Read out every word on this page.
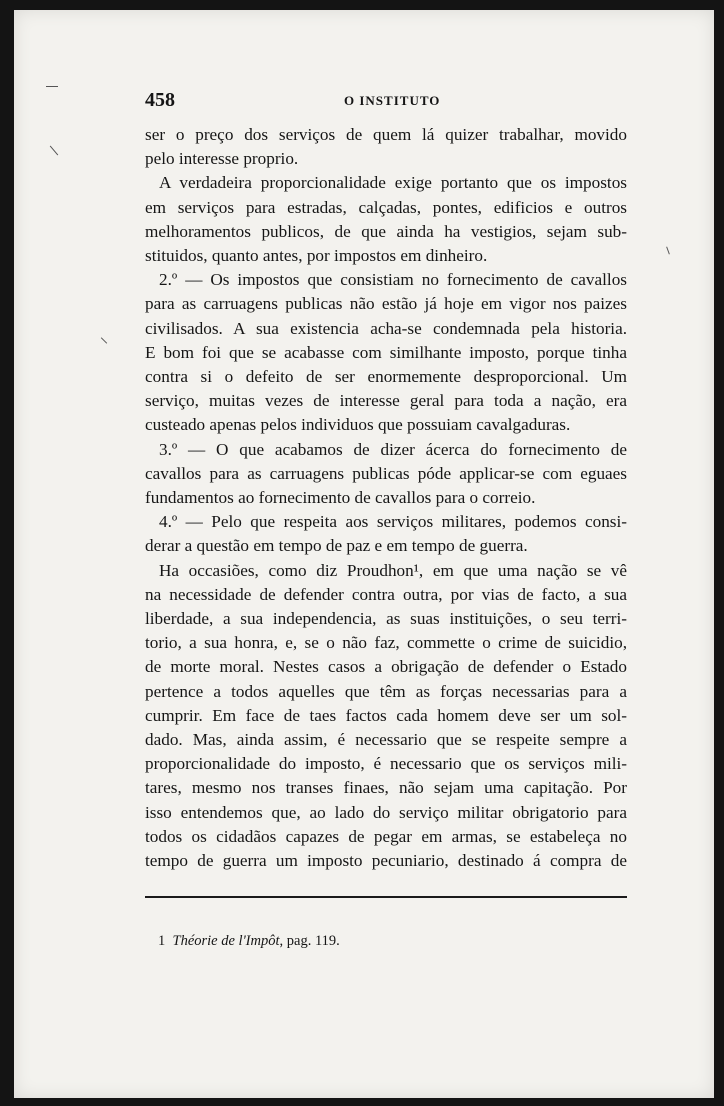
458	O INSTITUTO

ser o preço dos serviços de quem lá quizer trabalhar, movido

pelo interesse proprio.

A verdadeira proporcionalidade exige portanto que os impostos

em serviços para estradas, calçadas, pontes, edificios e outros

melhoramentos publicos, de que ainda ha vestigios, sejam sub-

stituidos, quanto antes, por impostos em dinheiro.

2.º — Os impostos que consistiam no fornecimento de cavallos

para as carruagens publicas não estão já hoje em vigor nos paizes

civilisados. A sua existencia acha-se condemnada pela historia.

E bom foi que se acabasse com similhante imposto, porque tinha

contra si o defeito de ser enormemente desproporcional. Um

serviço, muitas vezes de interesse geral para toda a nação, era

custeado apenas pelos individuos que possuiam cavalgaduras.

3.º — O que acabamos de dizer ácerca do fornecimento de

cavallos para as carruagens publicas póde applicar-se com eguaes

fundamentos ao fornecimento de cavallos para o correio.

4.º — Pelo que respeita aos serviços militares, podemos consi-

derar a questão em tempo de paz e em tempo de guerra.

Ha occasiões, como diz Proudhon¹, em que uma nação se vê

na necessidade de defender contra outra, por vias de facto, a sua

liberdade, a sua independencia, as suas instituições, o seu terri-

torio, a sua honra, e, se o não faz, commette o crime de suicidio,

de morte moral. Nestes casos a obrigação de defender o Estado

pertence a todos aquelles que têm as forças necessarias para a

cumprir. Em face de taes factos cada homem deve ser um sol-

dado. Mas, ainda assim, é necessario que se respeite sempre a

proporcionalidade do imposto, é necessario que os serviços mili-

tares, mesmo nos transes finaes, não sejam uma capitação. Por

isso entendemos que, ao lado do serviço militar obrigatorio para

todos os cidadãos capazes de pegar em armas, se estabeleça no

tempo de guerra um imposto pecuniario, destinado á compra de

1 Théorie de l'Impôt, pag. 119.
